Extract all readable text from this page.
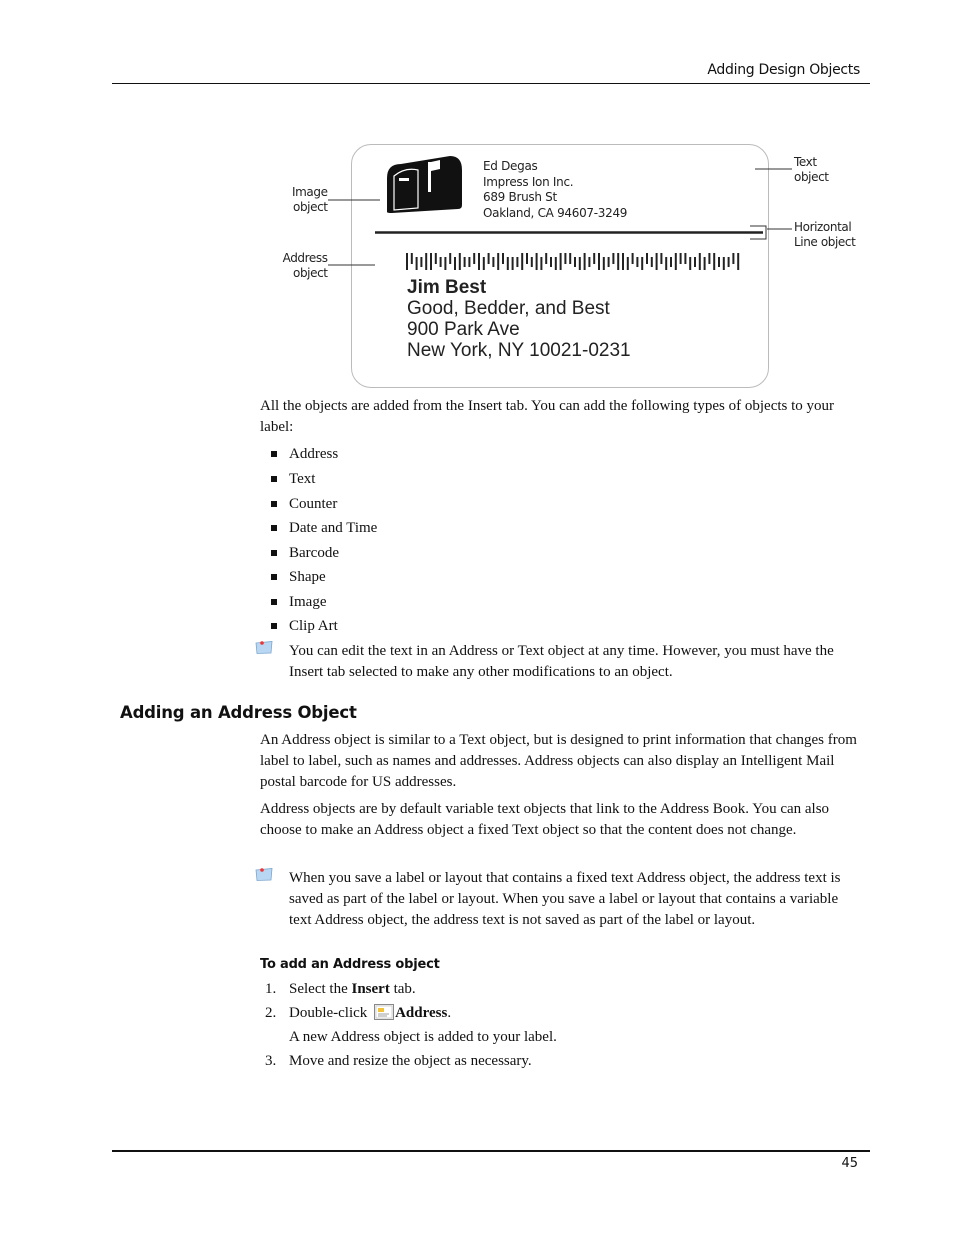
Adding Design Objects
Image
object
Address
object
Text
object
Horizontal
Line object
Ed Degas
Impress Ion Inc.
689 Brush St
Oakland, CA 94607-3249
Jim Best
Good, Bedder, and Best
900 Park Ave
New York, NY 10021-0231
All the objects are added from the Insert tab. You can add the following types of objects to your label:
Address
Text
Counter
Date and Time
Barcode
Shape
Image
Clip Art
You can edit the text in an Address or Text object at any time. However, you must have the Insert tab selected to make any other modifications to an object.
Adding an Address Object
An Address object is similar to a Text object, but is designed to print information that changes from label to label, such as names and addresses. Address objects can also display an Intelligent Mail postal barcode for US addresses.
Address objects are by default variable text objects that link to the Address Book. You can also choose to make an Address object a fixed Text object so that the content does not change.
When you save a label or layout that contains a fixed text Address object, the address text is saved as part of the label or layout. When you save a label or layout that contains a variable text Address object, the address text is not saved as part of the label or layout.
To add an Address object
1. Select the Insert tab.
2. Double-click Address.
A new Address object is added to your label.
3. Move and resize the object as necessary.
45
